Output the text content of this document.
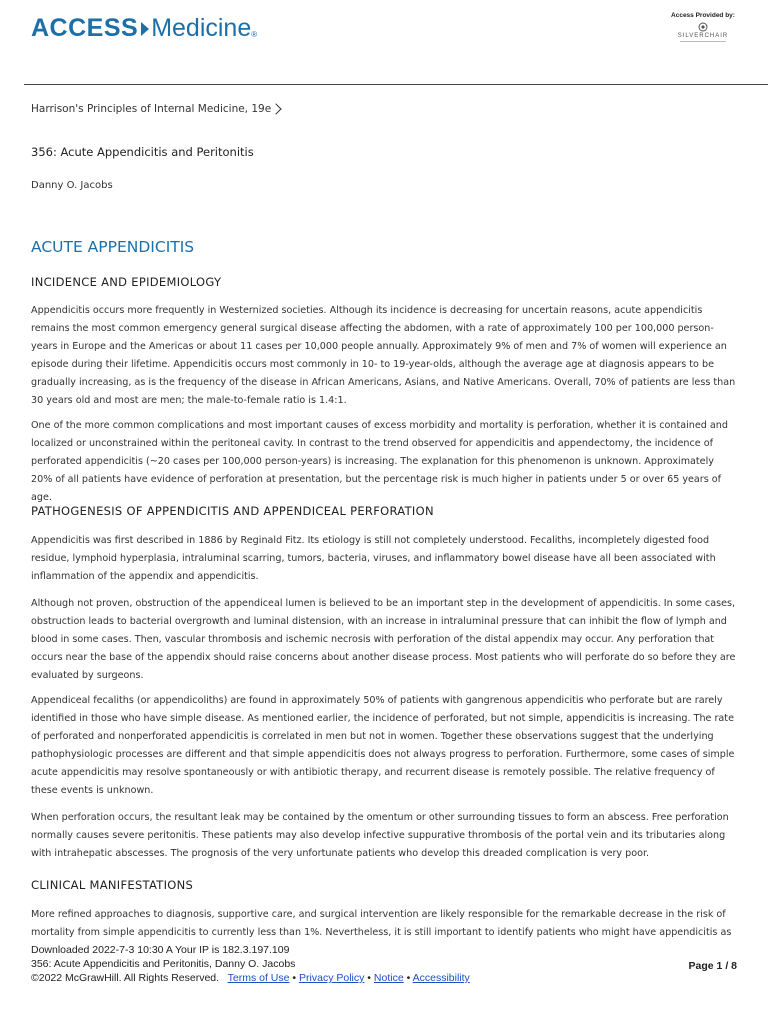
ACCESS Medicine ®
Access Provided by:
SILVERCHAIR
Harrison's Principles of Internal Medicine, 19e
356: Acute Appendicitis and Peritonitis
Danny O. Jacobs
ACUTE APPENDICITIS
INCIDENCE AND EPIDEMIOLOGY

Appendicitis occurs more frequently in Westernized societies. Although its incidence is decreasing for uncertain reasons, acute appendicitis remains the most common emergency general surgical disease affecting the abdomen, with a rate of approximately 100 per 100,000 person-years in Europe and the Americas or about 11 cases per 10,000 people annually. Approximately 9% of men and 7% of women will experience an episode during their lifetime. Appendicitis occurs most commonly in 10- to 19-year-olds, although the average age at diagnosis appears to be gradually increasing, as is the frequency of the disease in African Americans, Asians, and Native Americans. Overall, 70% of patients are less than 30 years old and most are men; the male-to-female ratio is 1.4:1.

One of the more common complications and most important causes of excess morbidity and mortality is perforation, whether it is contained and localized or unconstrained within the peritoneal cavity. In contrast to the trend observed for appendicitis and appendectomy, the incidence of perforated appendicitis (~20 cases per 100,000 person-years) is increasing. The explanation for this phenomenon is unknown. Approximately 20% of all patients have evidence of perforation at presentation, but the percentage risk is much higher in patients under 5 or over 65 years of age.

PATHOGENESIS OF APPENDICITIS AND APPENDICEAL PERFORATION

Appendicitis was first described in 1886 by Reginald Fitz. Its etiology is still not completely understood. Fecaliths, incompletely digested food residue, lymphoid hyperplasia, intraluminal scarring, tumors, bacteria, viruses, and inflammatory bowel disease have all been associated with inflammation of the appendix and appendicitis.

Although not proven, obstruction of the appendiceal lumen is believed to be an important step in the development of appendicitis. In some cases, obstruction leads to bacterial overgrowth and luminal distension, with an increase in intraluminal pressure that can inhibit the flow of lymph and blood in some cases. Then, vascular thrombosis and ischemic necrosis with perforation of the distal appendix may occur. Any perforation that occurs near the base of the appendix should raise concerns about another disease process. Most patients who will perforate do so before they are evaluated by surgeons.

Appendiceal fecaliths (or appendicoliths) are found in approximately 50% of patients with gangrenous appendicitis who perforate but are rarely identified in those who have simple disease. As mentioned earlier, the incidence of perforated, but not simple, appendicitis is increasing. The rate of perforated and nonperforated appendicitis is correlated in men but not in women. Together these observations suggest that the underlying pathophysiologic processes are different and that simple appendicitis does not always progress to perforation. Furthermore, some cases of simple acute appendicitis may resolve spontaneously or with antibiotic therapy, and recurrent disease is remotely possible. The relative frequency of these events is unknown.

When perforation occurs, the resultant leak may be contained by the omentum or other surrounding tissues to form an abscess. Free perforation normally causes severe peritonitis. These patients may also develop infective suppurative thrombosis of the portal vein and its tributaries along with intrahepatic abscesses. The prognosis of the very unfortunate patients who develop this dreaded complication is very poor.

CLINICAL MANIFESTATIONS

More refined approaches to diagnosis, supportive care, and surgical intervention are likely responsible for the remarkable decrease in the risk of mortality from simple appendicitis to currently less than 1%. Nevertheless, it is still important to identify patients who might have appendicitis as

Downloaded 2022-7-3 10:30 A Your IP is 182.3.197.109
356: Acute Appendicitis and Peritonitis, Danny O. Jacobs
©2022 McGrawHill. All Rights Reserved. Terms of Use • Privacy Policy • Notice • Accessibility
Page 1 / 8
